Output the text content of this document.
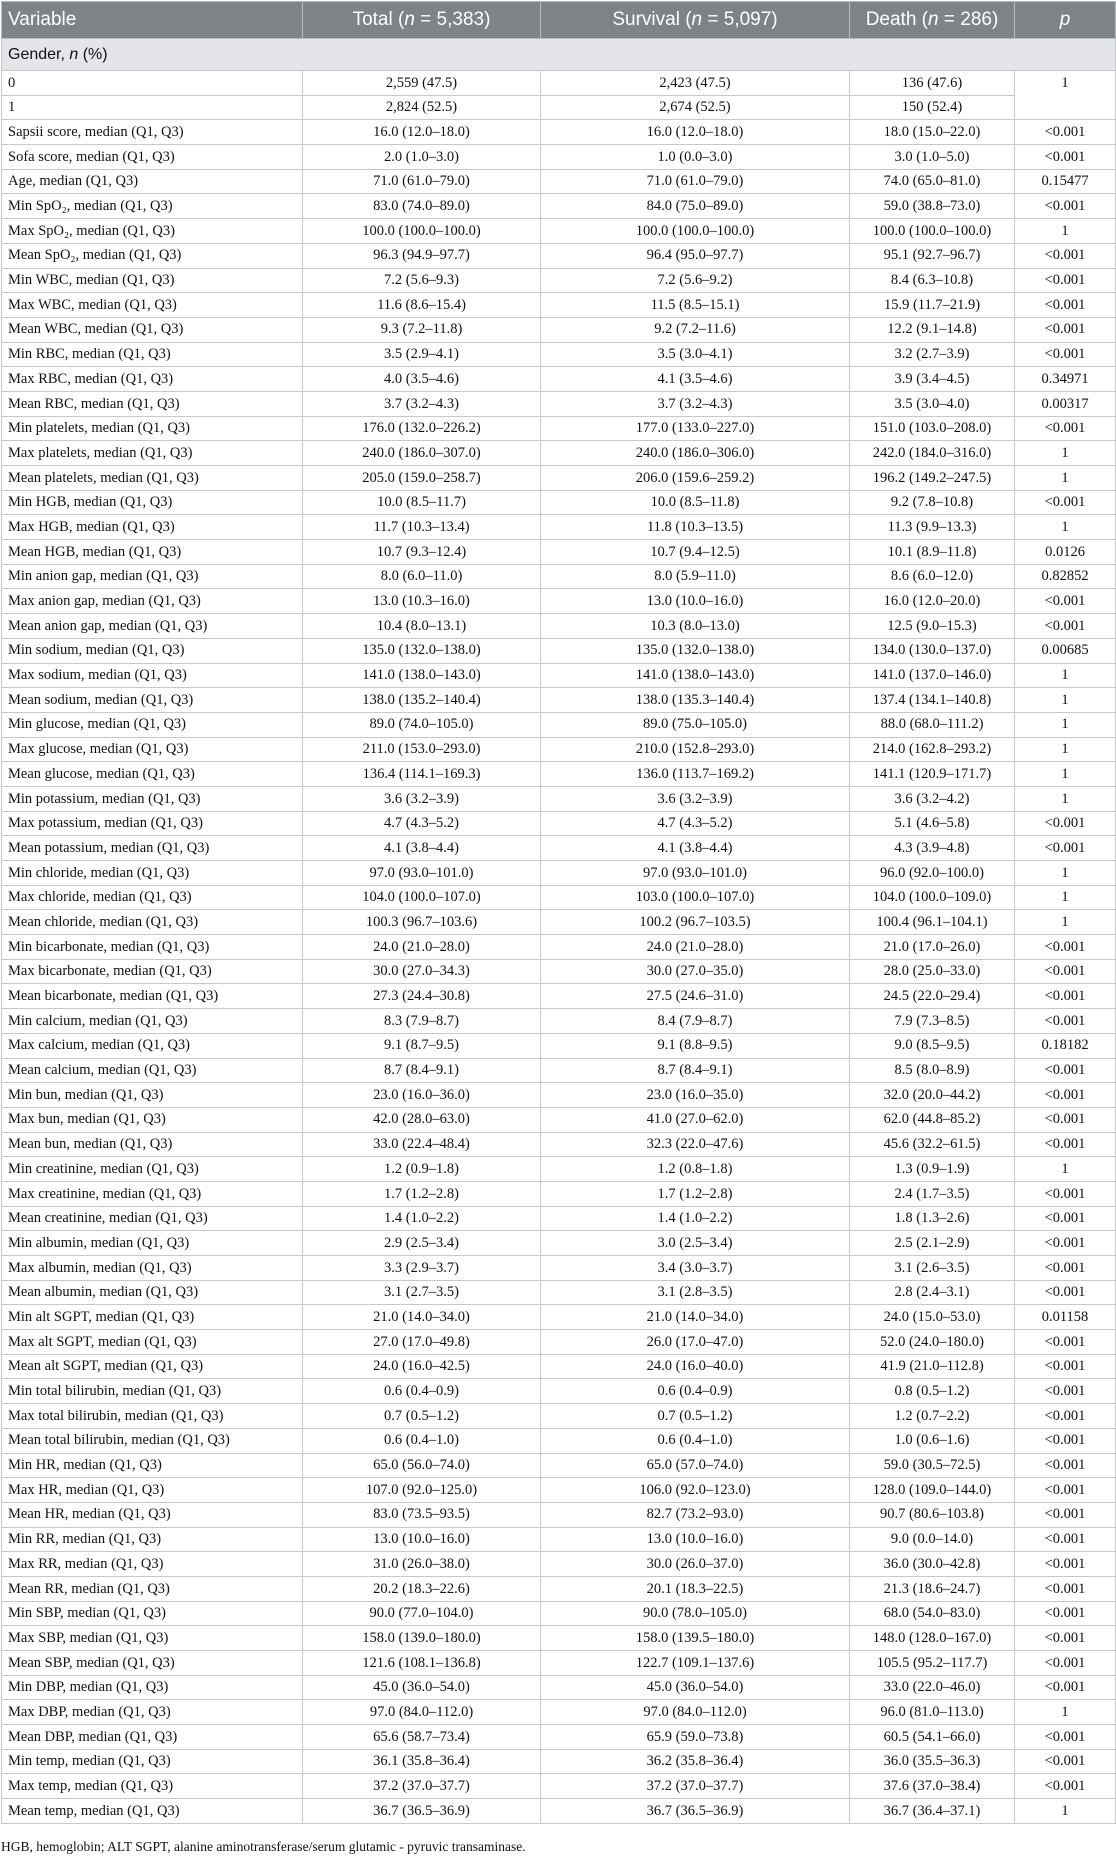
Variable	Total (n = 5,383)	Survival (n = 5,097)	Death (n = 286)	p
Gender, n (%)				
0	2,559 (47.5)	2,423 (47.5)	136 (47.6)	1
1	2,824 (52.5)	2,674 (52.5)	150 (52.4)	
Sapsii score, median (Q1, Q3)	16.0 (12.0–18.0)	16.0 (12.0–18.0)	18.0 (15.0–22.0)	<0.001
Sofa score, median (Q1, Q3)	2.0 (1.0–3.0)	1.0 (0.0–3.0)	3.0 (1.0–5.0)	<0.001
Age, median (Q1, Q3)	71.0 (61.0–79.0)	71.0 (61.0–79.0)	74.0 (65.0–81.0)	0.15477
Min SpO₂, median (Q1, Q3)	83.0 (74.0–89.0)	84.0 (75.0–89.0)	59.0 (38.8–73.0)	<0.001
Max SpO₂, median (Q1, Q3)	100.0 (100.0–100.0)	100.0 (100.0–100.0)	100.0 (100.0–100.0)	1
Mean SpO₂, median (Q1, Q3)	96.3 (94.9–97.7)	96.4 (95.0–97.7)	95.1 (92.7–96.7)	<0.001
Min WBC, median (Q1, Q3)	7.2 (5.6–9.3)	7.2 (5.6–9.2)	8.4 (6.3–10.8)	<0.001
Max WBC, median (Q1, Q3)	11.6 (8.6–15.4)	11.5 (8.5–15.1)	15.9 (11.7–21.9)	<0.001
Mean WBC, median (Q1, Q3)	9.3 (7.2–11.8)	9.2 (7.2–11.6)	12.2 (9.1–14.8)	<0.001
Min RBC, median (Q1, Q3)	3.5 (2.9–4.1)	3.5 (3.0–4.1)	3.2 (2.7–3.9)	<0.001
Max RBC, median (Q1, Q3)	4.0 (3.5–4.6)	4.1 (3.5–4.6)	3.9 (3.4–4.5)	0.34971
Mean RBC, median (Q1, Q3)	3.7 (3.2–4.3)	3.7 (3.2–4.3)	3.5 (3.0–4.0)	0.00317
Min platelets, median (Q1, Q3)	176.0 (132.0–226.2)	177.0 (133.0–227.0)	151.0 (103.0–208.0)	<0.001
Max platelets, median (Q1, Q3)	240.0 (186.0–307.0)	240.0 (186.0–306.0)	242.0 (184.0–316.0)	1
Mean platelets, median (Q1, Q3)	205.0 (159.0–258.7)	206.0 (159.6–259.2)	196.2 (149.2–247.5)	1
Min HGB, median (Q1, Q3)	10.0 (8.5–11.7)	10.0 (8.5–11.8)	9.2 (7.8–10.8)	<0.001
Max HGB, median (Q1, Q3)	11.7 (10.3–13.4)	11.8 (10.3–13.5)	11.3 (9.9–13.3)	1
Mean HGB, median (Q1, Q3)	10.7 (9.3–12.4)	10.7 (9.4–12.5)	10.1 (8.9–11.8)	0.0126
Min anion gap, median (Q1, Q3)	8.0 (6.0–11.0)	8.0 (5.9–11.0)	8.6 (6.0–12.0)	0.82852
Max anion gap, median (Q1, Q3)	13.0 (10.3–16.0)	13.0 (10.0–16.0)	16.0 (12.0–20.0)	<0.001
Mean anion gap, median (Q1, Q3)	10.4 (8.0–13.1)	10.3 (8.0–13.0)	12.5 (9.0–15.3)	<0.001
Min sodium, median (Q1, Q3)	135.0 (132.0–138.0)	135.0 (132.0–138.0)	134.0 (130.0–137.0)	0.00685
Max sodium, median (Q1, Q3)	141.0 (138.0–143.0)	141.0 (138.0–143.0)	141.0 (137.0–146.0)	1
Mean sodium, median (Q1, Q3)	138.0 (135.2–140.4)	138.0 (135.3–140.4)	137.4 (134.1–140.8)	1
Min glucose, median (Q1, Q3)	89.0 (74.0–105.0)	89.0 (75.0–105.0)	88.0 (68.0–111.2)	1
Max glucose, median (Q1, Q3)	211.0 (153.0–293.0)	210.0 (152.8–293.0)	214.0 (162.8–293.2)	1
Mean glucose, median (Q1, Q3)	136.4 (114.1–169.3)	136.0 (113.7–169.2)	141.1 (120.9–171.7)	1
Min potassium, median (Q1, Q3)	3.6 (3.2–3.9)	3.6 (3.2–3.9)	3.6 (3.2–4.2)	1
Max potassium, median (Q1, Q3)	4.7 (4.3–5.2)	4.7 (4.3–5.2)	5.1 (4.6–5.8)	<0.001
Mean potassium, median (Q1, Q3)	4.1 (3.8–4.4)	4.1 (3.8–4.4)	4.3 (3.9–4.8)	<0.001
Min chloride, median (Q1, Q3)	97.0 (93.0–101.0)	97.0 (93.0–101.0)	96.0 (92.0–100.0)	1
Max chloride, median (Q1, Q3)	104.0 (100.0–107.0)	103.0 (100.0–107.0)	104.0 (100.0–109.0)	1
Mean chloride, median (Q1, Q3)	100.3 (96.7–103.6)	100.2 (96.7–103.5)	100.4 (96.1–104.1)	1
Min bicarbonate, median (Q1, Q3)	24.0 (21.0–28.0)	24.0 (21.0–28.0)	21.0 (17.0–26.0)	<0.001
Max bicarbonate, median (Q1, Q3)	30.0 (27.0–34.3)	30.0 (27.0–35.0)	28.0 (25.0–33.0)	<0.001
Mean bicarbonate, median (Q1, Q3)	27.3 (24.4–30.8)	27.5 (24.6–31.0)	24.5 (22.0–29.4)	<0.001
Min calcium, median (Q1, Q3)	8.3 (7.9–8.7)	8.4 (7.9–8.7)	7.9 (7.3–8.5)	<0.001
Max calcium, median (Q1, Q3)	9.1 (8.7–9.5)	9.1 (8.8–9.5)	9.0 (8.5–9.5)	0.18182
Mean calcium, median (Q1, Q3)	8.7 (8.4–9.1)	8.7 (8.4–9.1)	8.5 (8.0–8.9)	<0.001
Min bun, median (Q1, Q3)	23.0 (16.0–36.0)	23.0 (16.0–35.0)	32.0 (20.0–44.2)	<0.001
Max bun, median (Q1, Q3)	42.0 (28.0–63.0)	41.0 (27.0–62.0)	62.0 (44.8–85.2)	<0.001
Mean bun, median (Q1, Q3)	33.0 (22.4–48.4)	32.3 (22.0–47.6)	45.6 (32.2–61.5)	<0.001
Min creatinine, median (Q1, Q3)	1.2 (0.9–1.8)	1.2 (0.8–1.8)	1.3 (0.9–1.9)	1
Max creatinine, median (Q1, Q3)	1.7 (1.2–2.8)	1.7 (1.2–2.8)	2.4 (1.7–3.5)	<0.001
Mean creatinine, median (Q1, Q3)	1.4 (1.0–2.2)	1.4 (1.0–2.2)	1.8 (1.3–2.6)	<0.001
Min albumin, median (Q1, Q3)	2.9 (2.5–3.4)	3.0 (2.5–3.4)	2.5 (2.1–2.9)	<0.001
Max albumin, median (Q1, Q3)	3.3 (2.9–3.7)	3.4 (3.0–3.7)	3.1 (2.6–3.5)	<0.001
Mean albumin, median (Q1, Q3)	3.1 (2.7–3.5)	3.1 (2.8–3.5)	2.8 (2.4–3.1)	<0.001
Min alt SGPT, median (Q1, Q3)	21.0 (14.0–34.0)	21.0 (14.0–34.0)	24.0 (15.0–53.0)	0.01158
Max alt SGPT, median (Q1, Q3)	27.0 (17.0–49.8)	26.0 (17.0–47.0)	52.0 (24.0–180.0)	<0.001
Mean alt SGPT, median (Q1, Q3)	24.0 (16.0–42.5)	24.0 (16.0–40.0)	41.9 (21.0–112.8)	<0.001
Min total bilirubin, median (Q1, Q3)	0.6 (0.4–0.9)	0.6 (0.4–0.9)	0.8 (0.5–1.2)	<0.001
Max total bilirubin, median (Q1, Q3)	0.7 (0.5–1.2)	0.7 (0.5–1.2)	1.2 (0.7–2.2)	<0.001
Mean total bilirubin, median (Q1, Q3)	0.6 (0.4–1.0)	0.6 (0.4–1.0)	1.0 (0.6–1.6)	<0.001
Min HR, median (Q1, Q3)	65.0 (56.0–74.0)	65.0 (57.0–74.0)	59.0 (30.5–72.5)	<0.001
Max HR, median (Q1, Q3)	107.0 (92.0–125.0)	106.0 (92.0–123.0)	128.0 (109.0–144.0)	<0.001
Mean HR, median (Q1, Q3)	83.0 (73.5–93.5)	82.7 (73.2–93.0)	90.7 (80.6–103.8)	<0.001
Min RR, median (Q1, Q3)	13.0 (10.0–16.0)	13.0 (10.0–16.0)	9.0 (0.0–14.0)	<0.001
Max RR, median (Q1, Q3)	31.0 (26.0–38.0)	30.0 (26.0–37.0)	36.0 (30.0–42.8)	<0.001
Mean RR, median (Q1, Q3)	20.2 (18.3–22.6)	20.1 (18.3–22.5)	21.3 (18.6–24.7)	<0.001
Min SBP, median (Q1, Q3)	90.0 (77.0–104.0)	90.0 (78.0–105.0)	68.0 (54.0–83.0)	<0.001
Max SBP, median (Q1, Q3)	158.0 (139.0–180.0)	158.0 (139.5–180.0)	148.0 (128.0–167.0)	<0.001
Mean SBP, median (Q1, Q3)	121.6 (108.1–136.8)	122.7 (109.1–137.6)	105.5 (95.2–117.7)	<0.001
Min DBP, median (Q1, Q3)	45.0 (36.0–54.0)	45.0 (36.0–54.0)	33.0 (22.0–46.0)	<0.001
Max DBP, median (Q1, Q3)	97.0 (84.0–112.0)	97.0 (84.0–112.0)	96.0 (81.0–113.0)	1
Mean DBP, median (Q1, Q3)	65.6 (58.7–73.4)	65.9 (59.0–73.8)	60.5 (54.1–66.0)	<0.001
Min temp, median (Q1, Q3)	36.1 (35.8–36.4)	36.2 (35.8–36.4)	36.0 (35.5–36.3)	<0.001
Max temp, median (Q1, Q3)	37.2 (37.0–37.7)	37.2 (37.0–37.7)	37.6 (37.0–38.4)	<0.001
Mean temp, median (Q1, Q3)	36.7 (36.5–36.9)	36.7 (36.5–36.9)	36.7 (36.4–37.1)	1
HGB, hemoglobin; ALT SGPT, alanine aminotransferase/serum glutamic - pyruvic transaminase.
